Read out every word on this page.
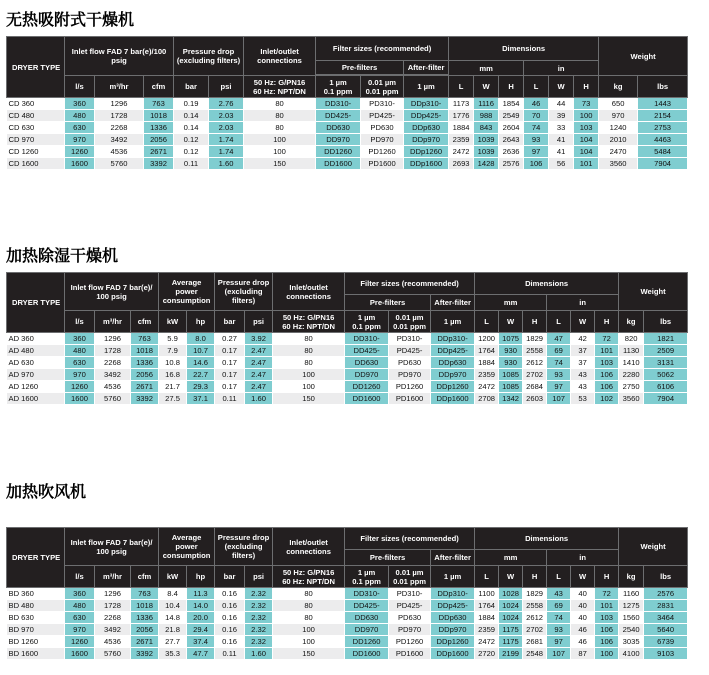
无热吸附式干燥机
DRYER TYPE	Inlet flow FAD 7 bar(e)/100 psig			Pressure drop (excluding filters)		Inlet/outlet connections	Filter sizes (recommended)			Dimensions						Weight	
							Pre-filters		After-filter	mm			in				

	l/s	m³/hr	cfm	bar	psi	50 Hz: G/PN16
60 Hz: NPT/DN	1 µm
0.1 ppm	0.01 µm
0.01 ppm	1 µm	L	W	H	L	W	H	kg	lbs
CD 360	360	1296	763	0.19	2.76	80	DD310-	PD310-	DDp310-	1173	1116	1854	46	44	73	650	1443
CD 480	480	1728	1018	0.14	2.03	80	DD425-	PD425-	DDp425-	1776	988	2549	70	39	100	970	2154
CD 630	630	2268	1336	0.14	2.03	80	DD630	PD630	DDp630	1884	843	2604	74	33	103	1240	2753
CD 970	970	3492	2056	0.12	1.74	100	DD970	PD970	DDp970	2359	1039	2643	93	41	104	2010	4463
CD 1260	1260	4536	2671	0.12	1.74	100	DD1260	PD1260	DDp1260	2472	1039	2636	97	41	104	2470	5484
CD 1600	1600	5760	3392	0.11	1.60	150	DD1600	PD1600	DDp1600	2693	1428	2576	106	56	101	3560	7904
加热除湿干燥机
DRYER TYPE	Inlet flow FAD 7 bar(e)/ 100 psig			Average power consumption		Pressure drop (excluding filters)		Inlet/outlet connections	Filter sizes (recommended)			Dimensions						Weight	
									Pre-filters		After-filter	mm			in				
	l/s	m³/hr	cfm	kW	hp	bar	psi	50 Hz: G/PN16
60 Hz: NPT/DN	1 µm
0.1 ppm	0.01 µm
0.01 ppm	1 µm	L	W	H	L	W	H	kg	lbs
AD 360	360	1296	763	5.9	8.0	0.27	3.92	80	DD310-	PD310-	DDp310-	1200	1075	1829	47	42	72	820	1821
AD 480	480	1728	1018	7.9	10.7	0.17	2.47	80	DD425-	PD425-	DDp425-	1764	930	2558	69	37	101	1130	2509
AD 630	630	2268	1336	10.8	14.6	0.17	2.47	80	DD630	PD630	DDp630	1884	930	2612	74	37	103	1410	3131
AD 970	970	3492	2056	16.8	22.7	0.17	2.47	100	DD970	PD970	DDp970	2359	1085	2702	93	43	106	2280	5062
AD 1260	1260	4536	2671	21.7	29.3	0.17	2.47	100	DD1260	PD1260	DDp1260	2472	1085	2684	97	43	106	2750	6106
AD 1600	1600	5760	3392	27.5	37.1	0.11	1.60	150	DD1600	PD1600	DDp1600	2708	1342	2603	107	53	102	3560	7904
加热吹风机
DRYER TYPE	Inlet flow FAD 7 bar(e)/ 100 psig			Average power consumption		Pressure drop (excluding filters)		Inlet/outlet connections	Filter sizes (recommended)			Dimensions						Weight	
									Pre-filters		After-filter	mm			in				
	l/s	m³/hr	cfm	kW	hp	bar	psi	50 Hz: G/PN16
60 Hz: NPT/DN	1 µm
0.1 ppm	0.01 µm
0.01 ppm	1 µm	L	W	H	L	W	H	kg	lbs
BD 360	360	1296	763	8.4	11.3	0.16	2.32	80	DD310-	PD310-	DDp310-	1100	1028	1829	43	40	72	1160	2576
BD 480	480	1728	1018	10.4	14.0	0.16	2.32	80	DD425-	PD425-	DDp425-	1764	1024	2558	69	40	101	1275	2831
BD 630	630	2268	1336	14.8	20.0	0.16	2.32	80	DD630	PD630	DDp630	1884	1024	2612	74	40	103	1560	3464
BD 970	970	3492	2056	21.8	29.4	0.16	2.32	100	DD970	PD970	DDp970	2359	1175	2702	93	46	106	2540	5640
BD 1260	1260	4536	2671	27.7	37.4	0.16	2.32	100	DD1260	PD1260	DDp1260	2472	1175	2681	97	46	106	3035	6739
BD 1600	1600	5760	3392	35.3	47.7	0.11	1.60	150	DD1600	PD1600	DDp1600	2720	2199	2548	107	87	100	4100	9103
